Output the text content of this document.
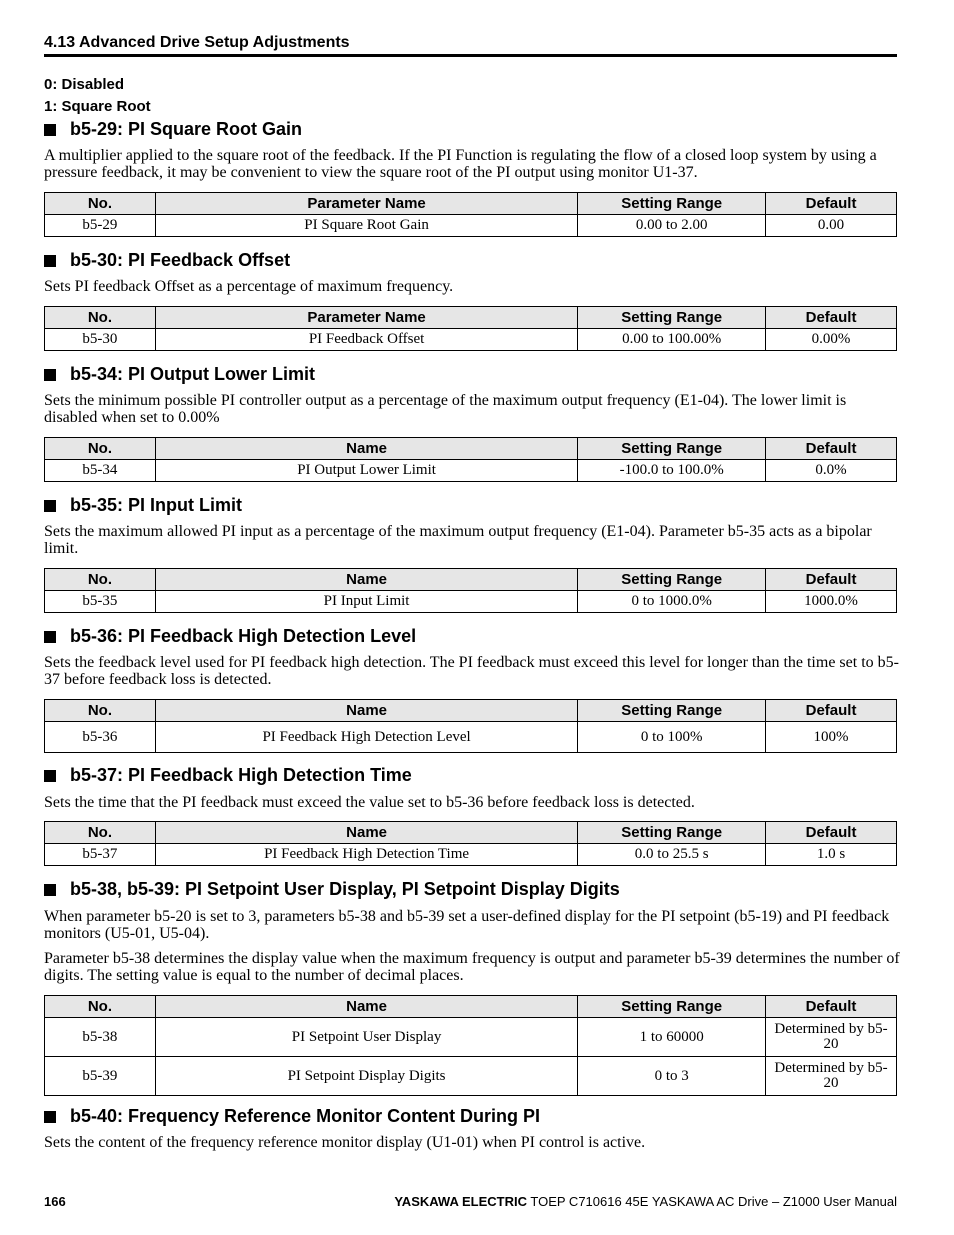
4.13 Advanced Drive Setup Adjustments
0: Disabled
1: Square Root
b5-29: PI Square Root Gain
A multiplier applied to the square root of the feedback. If the PI Function is regulating the flow of a closed loop system by using a pressure feedback, it may be convenient to view the square root of the PI output using monitor U1-37.
No.	Parameter Name	Setting Range	Default
b5-29	PI Square Root Gain	0.00 to 2.00	0.00
b5-30: PI Feedback Offset
Sets PI feedback Offset as a percentage of maximum frequency.
No.	Parameter Name	Setting Range	Default
b5-30	PI Feedback Offset	0.00 to 100.00%	0.00%
b5-34: PI Output Lower Limit
Sets the minimum possible PI controller output as a percentage of the maximum output frequency (E1-04). The lower limit is disabled when set to 0.00%
No.	Name	Setting Range	Default
b5-34	PI Output Lower Limit	-100.0 to 100.0%	0.0%
b5-35: PI Input Limit
Sets the maximum allowed PI input as a percentage of the maximum output frequency (E1-04). Parameter b5-35 acts as a bipolar limit.
No.	Name	Setting Range	Default
b5-35	PI Input Limit	0 to 1000.0%	1000.0%
b5-36: PI Feedback High Detection Level
Sets the feedback level used for PI feedback high detection. The PI feedback must exceed this level for longer than the time set to b5-37 before feedback loss is detected.
No.	Name	Setting Range	Default
b5-36	PI Feedback High Detection Level	0 to 100%	100%
b5-37: PI Feedback High Detection Time
Sets the time that the PI feedback must exceed the value set to b5-36 before feedback loss is detected.
No.	Name	Setting Range	Default
b5-37	PI Feedback High Detection Time	0.0 to 25.5 s	1.0 s
b5-38, b5-39: PI Setpoint User Display, PI Setpoint Display Digits
When parameter b5-20 is set to 3, parameters b5-38 and b5-39 set a user-defined display for the PI setpoint (b5-19) and PI feedback monitors (U5-01, U5-04).
Parameter b5-38 determines the display value when the maximum frequency is output and parameter b5-39 determines the number of digits. The setting value is equal to the number of decimal places.
No.	Name	Setting Range	Default
b5-38	PI Setpoint User Display	1 to 60000	Determined by b5-20
b5-39	PI Setpoint Display Digits	0 to 3	Determined by b5-20
b5-40: Frequency Reference Monitor Content During PI
Sets the content of the frequency reference monitor display (U1-01) when PI control is active.
166	YASKAWA ELECTRIC TOEP C710616 45E YASKAWA AC Drive – Z1000 User Manual
